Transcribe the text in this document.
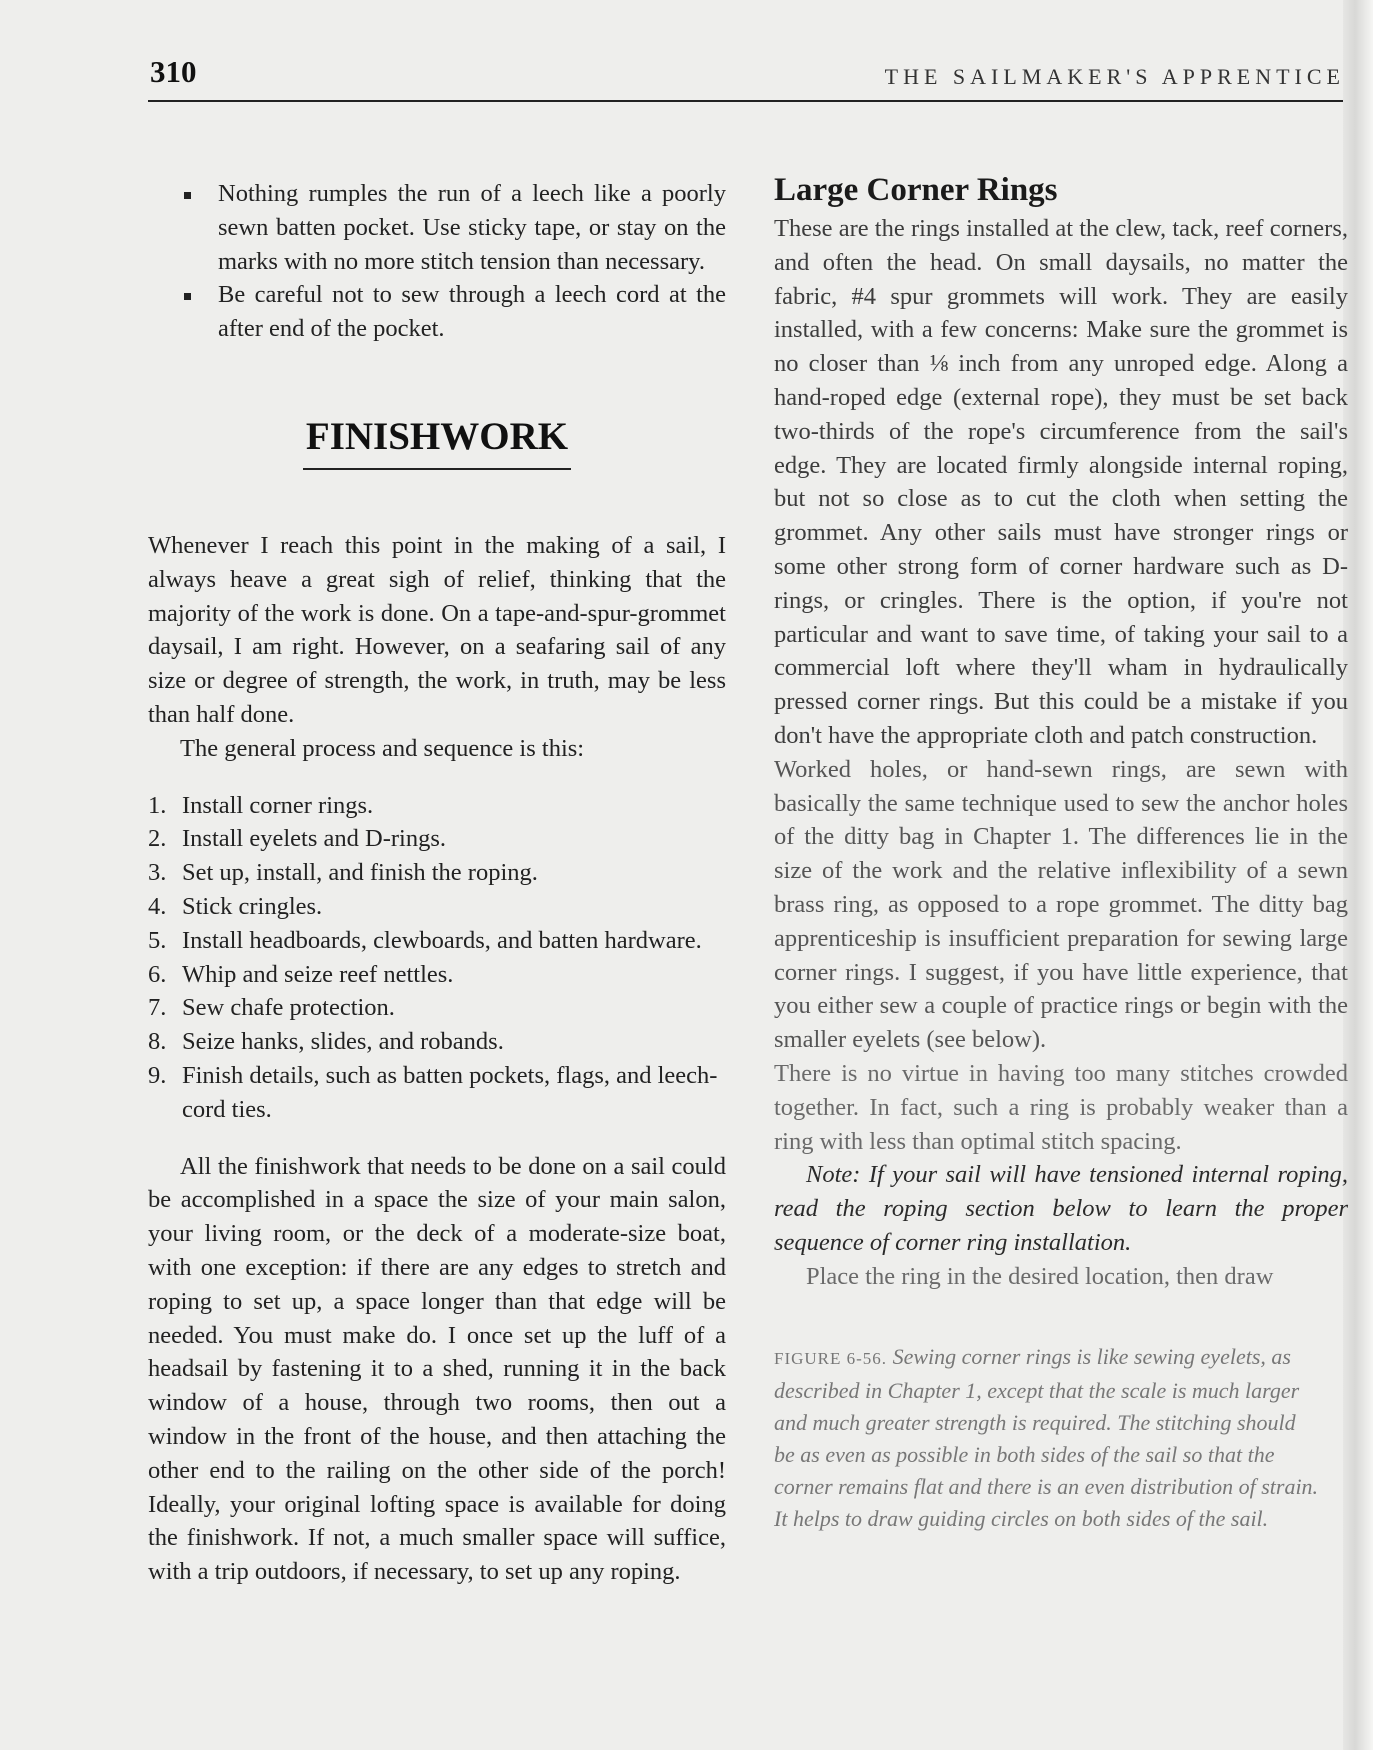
310	THE SAILMAKER'S APPRENTICE
Nothing rumples the run of a leech like a poorly sewn batten pocket. Use sticky tape, or stay on the marks with no more stitch tension than necessary.
Be careful not to sew through a leech cord at the after end of the pocket.
FINISHWORK

Whenever I reach this point in the making of a sail, I always heave a great sigh of relief, thinking that the majority of the work is done. On a tape-and-spur-grommet daysail, I am right. However, on a seafaring sail of any size or degree of strength, the work, in truth, may be less than half done.

The general process and sequence is this:

1. Install corner rings.
2. Install eyelets and D-rings.
3. Set up, install, and finish the roping.
4. Stick cringles.
5. Install headboards, clewboards, and batten hardware.
6. Whip and seize reef nettles.
7. Sew chafe protection.
8. Seize hanks, slides, and robands.
9. Finish details, such as batten pockets, flags, and leech-cord ties.

All the finishwork that needs to be done on a sail could be accomplished in a space the size of your main salon, your living room, or the deck of a moderate-size boat, with one exception: if there are any edges to stretch and roping to set up, a space longer than that edge will be needed. You must make do. I once set up the luff of a headsail by fastening it to a shed, running it in the back window of a house, through two rooms, then out a window in the front of the house, and then attaching the other end to the railing on the other side of the porch! Ideally, your original lofting space is available for doing the finishwork. If not, a much smaller space will suffice, with a trip outdoors, if necessary, to set up any roping.

Large Corner Rings

These are the rings installed at the clew, tack, reef corners, and often the head. On small daysails, no matter the fabric, #4 spur grommets will work. They are easily installed, with a few concerns: Make sure the grommet is no closer than ⅛ inch from any unroped edge. Along a hand-roped edge (external rope), they must be set back two-thirds of the rope's circumference from the sail's edge. They are located firmly alongside internal roping, but not so close as to cut the cloth when setting the grommet. Any other sails must have stronger rings or some other strong form of corner hardware such as D-rings, or cringles. There is the option, if you're not particular and want to save time, of taking your sail to a commercial loft where they'll wham in hydraulically pressed corner rings. But this could be a mistake if you don't have the appropriate cloth and patch construction.

Worked holes, or hand-sewn rings, are sewn with basically the same technique used to sew the anchor holes of the ditty bag in Chapter 1. The differences lie in the size of the work and the relative inflexibility of a sewn brass ring, as opposed to a rope grommet. The ditty bag apprenticeship is insufficient preparation for sewing large corner rings. I suggest, if you have little experience, that you either sew a couple of practice rings or begin with the smaller eyelets (see below).

There is no virtue in having too many stitches crowded together. In fact, such a ring is probably weaker than a ring with less than optimal stitch spacing.

Note: If your sail will have tensioned internal roping, read the roping section below to learn the proper sequence of corner ring installation.

Place the ring in the desired location, then draw

FIGURE 6-56. Sewing corner rings is like sewing eyelets, as described in Chapter 1, except that the scale is much larger and much greater strength is required. The stitching should be as even as possible in both sides of the sail so that the corner remains flat and there is an even distribution of strain. It helps to draw guiding circles on both sides of the sail.
